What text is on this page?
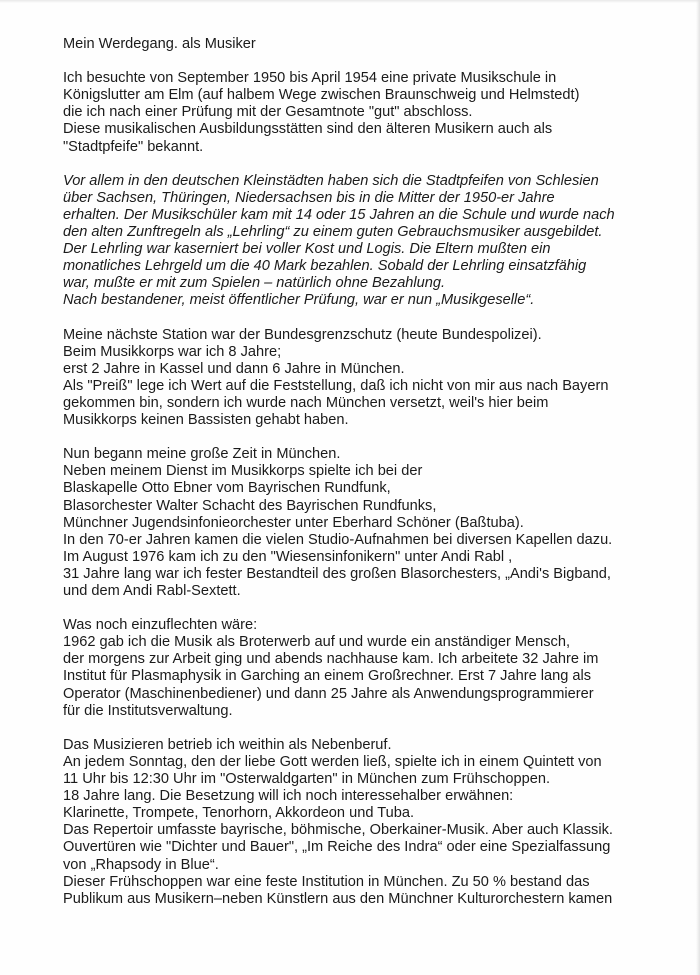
Mein Werdegang. als Musiker
Ich besuchte von September 1950 bis April 1954 eine private Musikschule in
Königslutter am Elm (auf halbem Wege zwischen Braunschweig und Helmstedt)
die ich nach einer Prüfung mit der Gesamtnote "gut" abschloss.
Diese musikalischen Ausbildungsstätten sind den älteren Musikern auch als
"Stadtpfeife" bekannt.
Vor allem in den deutschen Kleinstädten haben sich die Stadtpfeifen von Schlesien
über Sachsen, Thüringen, Niedersachsen bis in die Mitter der 1950-er Jahre
erhalten. Der Musikschüler kam mit 14 oder 15 Jahren an die Schule und wurde nach
den alten Zunftregeln als „Lehrling“ zu einem guten Gebrauchsmusiker ausgebildet.
Der Lehrling war kaserniert bei voller Kost und Logis. Die Eltern mußten ein
monatliches Lehrgeld um die 40 Mark bezahlen. Sobald der Lehrling einsatzfähig
war, mußte er mit zum Spielen – natürlich ohne Bezahlung.
Nach bestandener, meist öffentlicher Prüfung, war er nun „Musikgeselle“.
Meine nächste Station war der Bundesgrenzschutz (heute Bundespolizei).
Beim Musikkorps war ich 8 Jahre;
erst 2 Jahre in Kassel und dann 6 Jahre in München.
Als "Preiß" lege ich Wert auf die Feststellung, daß ich nicht von mir aus nach Bayern
gekommen bin, sondern ich wurde nach München versetzt, weil's hier beim
Musikkorps keinen Bassisten gehabt haben.
Nun begann meine große Zeit in München.
Neben meinem Dienst im Musikkorps spielte ich bei der
Blaskapelle Otto Ebner vom Bayrischen Rundfunk,
Blasorchester Walter Schacht des Bayrischen Rundfunks,
Münchner Jugendsinfonieorchester unter Eberhard Schöner (Baßtuba).
In den 70-er Jahren kamen die vielen Studio-Aufnahmen bei diversen Kapellen dazu.
Im August 1976 kam ich zu den "Wiesensinfonikern" unter Andi Rabl ,
31 Jahre lang war ich fester Bestandteil des großen Blasorchesters, „Andi's Bigband,
und dem Andi Rabl-Sextett.
Was noch einzuflechten wäre:
1962 gab ich die Musik als Broterwerb auf und wurde ein anständiger Mensch,
der morgens zur Arbeit ging und abends nachhause kam. Ich arbeitete 32 Jahre im
Institut für Plasmaphysik in Garching an einem Großrechner. Erst 7 Jahre lang als
Operator (Maschinenbediener) und dann 25 Jahre als Anwendungsprogrammierer
für die Institutsverwaltung.
Das Musizieren betrieb ich weithin als Nebenberuf.
An jedem Sonntag, den der liebe Gott werden ließ, spielte ich in einem Quintett von
11 Uhr bis 12:30 Uhr im "Osterwaldgarten" in München zum Frühschoppen.
18 Jahre lang. Die Besetzung will ich noch interessehalber erwähnen:
Klarinette, Trompete, Tenorhorn, Akkordeon und Tuba.
Das Repertoir umfasste bayrische, böhmische, Oberkainer-Musik. Aber auch Klassik.
Ouvertüren wie "Dichter und Bauer", „Im Reiche des Indra“ oder eine Spezialfassung
von „Rhapsody in Blue“.
Dieser Frühschoppen war eine feste Institution in München. Zu 50 % bestand das
Publikum aus Musikern–neben Künstlern aus den Münchner Kulturorchestern kamen
